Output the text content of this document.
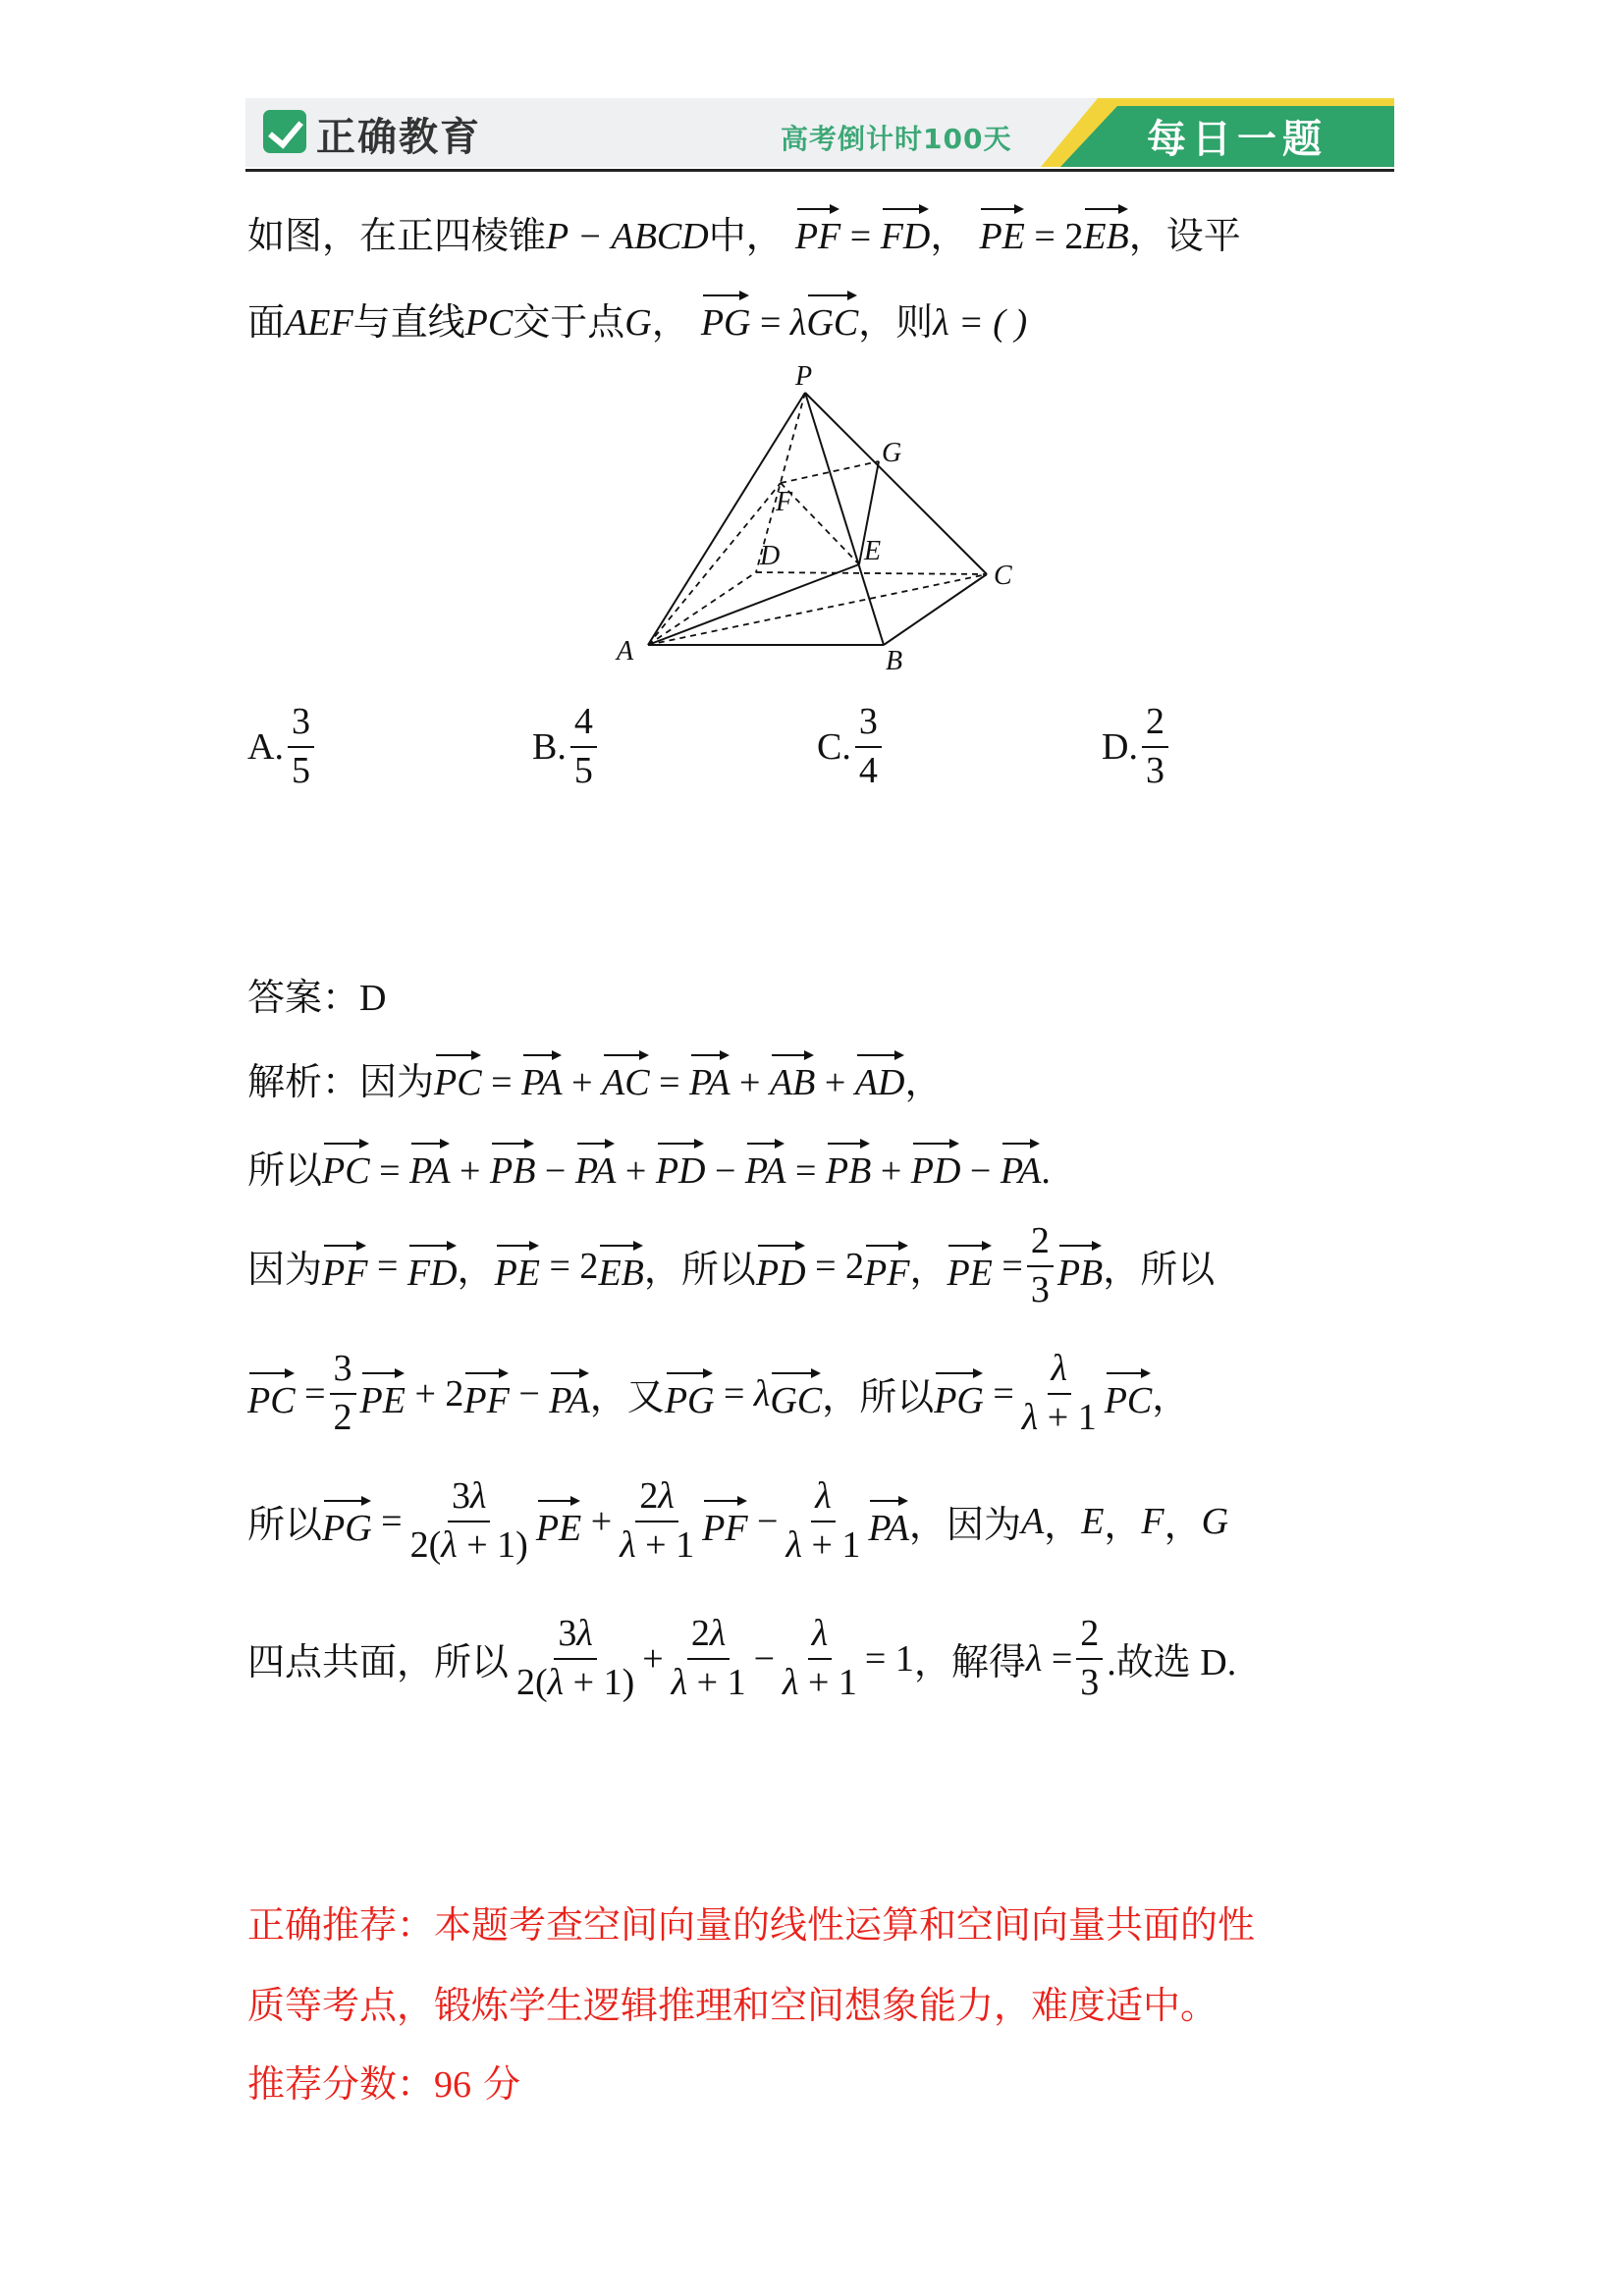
正确教育	高考倒计时100天	每日一题
如图，在正四棱锥P − ABCD中， PF = FD， PE = 2EB，设平
面AEF与直线PC交于点G， PG = λGC，则λ = ( )
P
A	B
C
D	E
F
G
A. $\frac{3}{5}$	B. $\frac{4}{5}$	C. $\frac{3}{4}$	D. $\frac{2}{3}$
答案：D
解析：因为PC = PA + AC = PA + AB + AD，
所以PC = PA + PB − PA + PD − PA = PB + PD − PA.
因为 PF = FD ， PE = 2 EB ， 所以 PD = 2 PF ， PE = $\frac{2}{3}$ PB ， 所以
PC = $\frac{3}{2}$ PE + 2 PF − PA ， 又 PG = λ GC ， 所以 PG = $\frac{\lambda}{\lambda + 1}$ PC ，
所以 PG = $\frac{3\lambda}{2(\lambda + 1)}$ PE + $\frac{2\lambda}{\lambda + 1}$ PF − $\frac{\lambda}{\lambda + 1}$ PA ， 因为 A ， E ， F ， G
四点共面，所以 $\frac{3\lambda}{2(\lambda + 1)} + \frac{2\lambda}{\lambda + 1} - \frac{\lambda}{\lambda + 1} = 1$ ，解得 $\lambda = \frac{2}{3}$ .故选 D.
正确推荐：本题考查空间向量的线性运算和空间向量共面的性
质等考点，锻炼学生逻辑推理和空间想象能力，难度适中。
推荐分数：96 分
